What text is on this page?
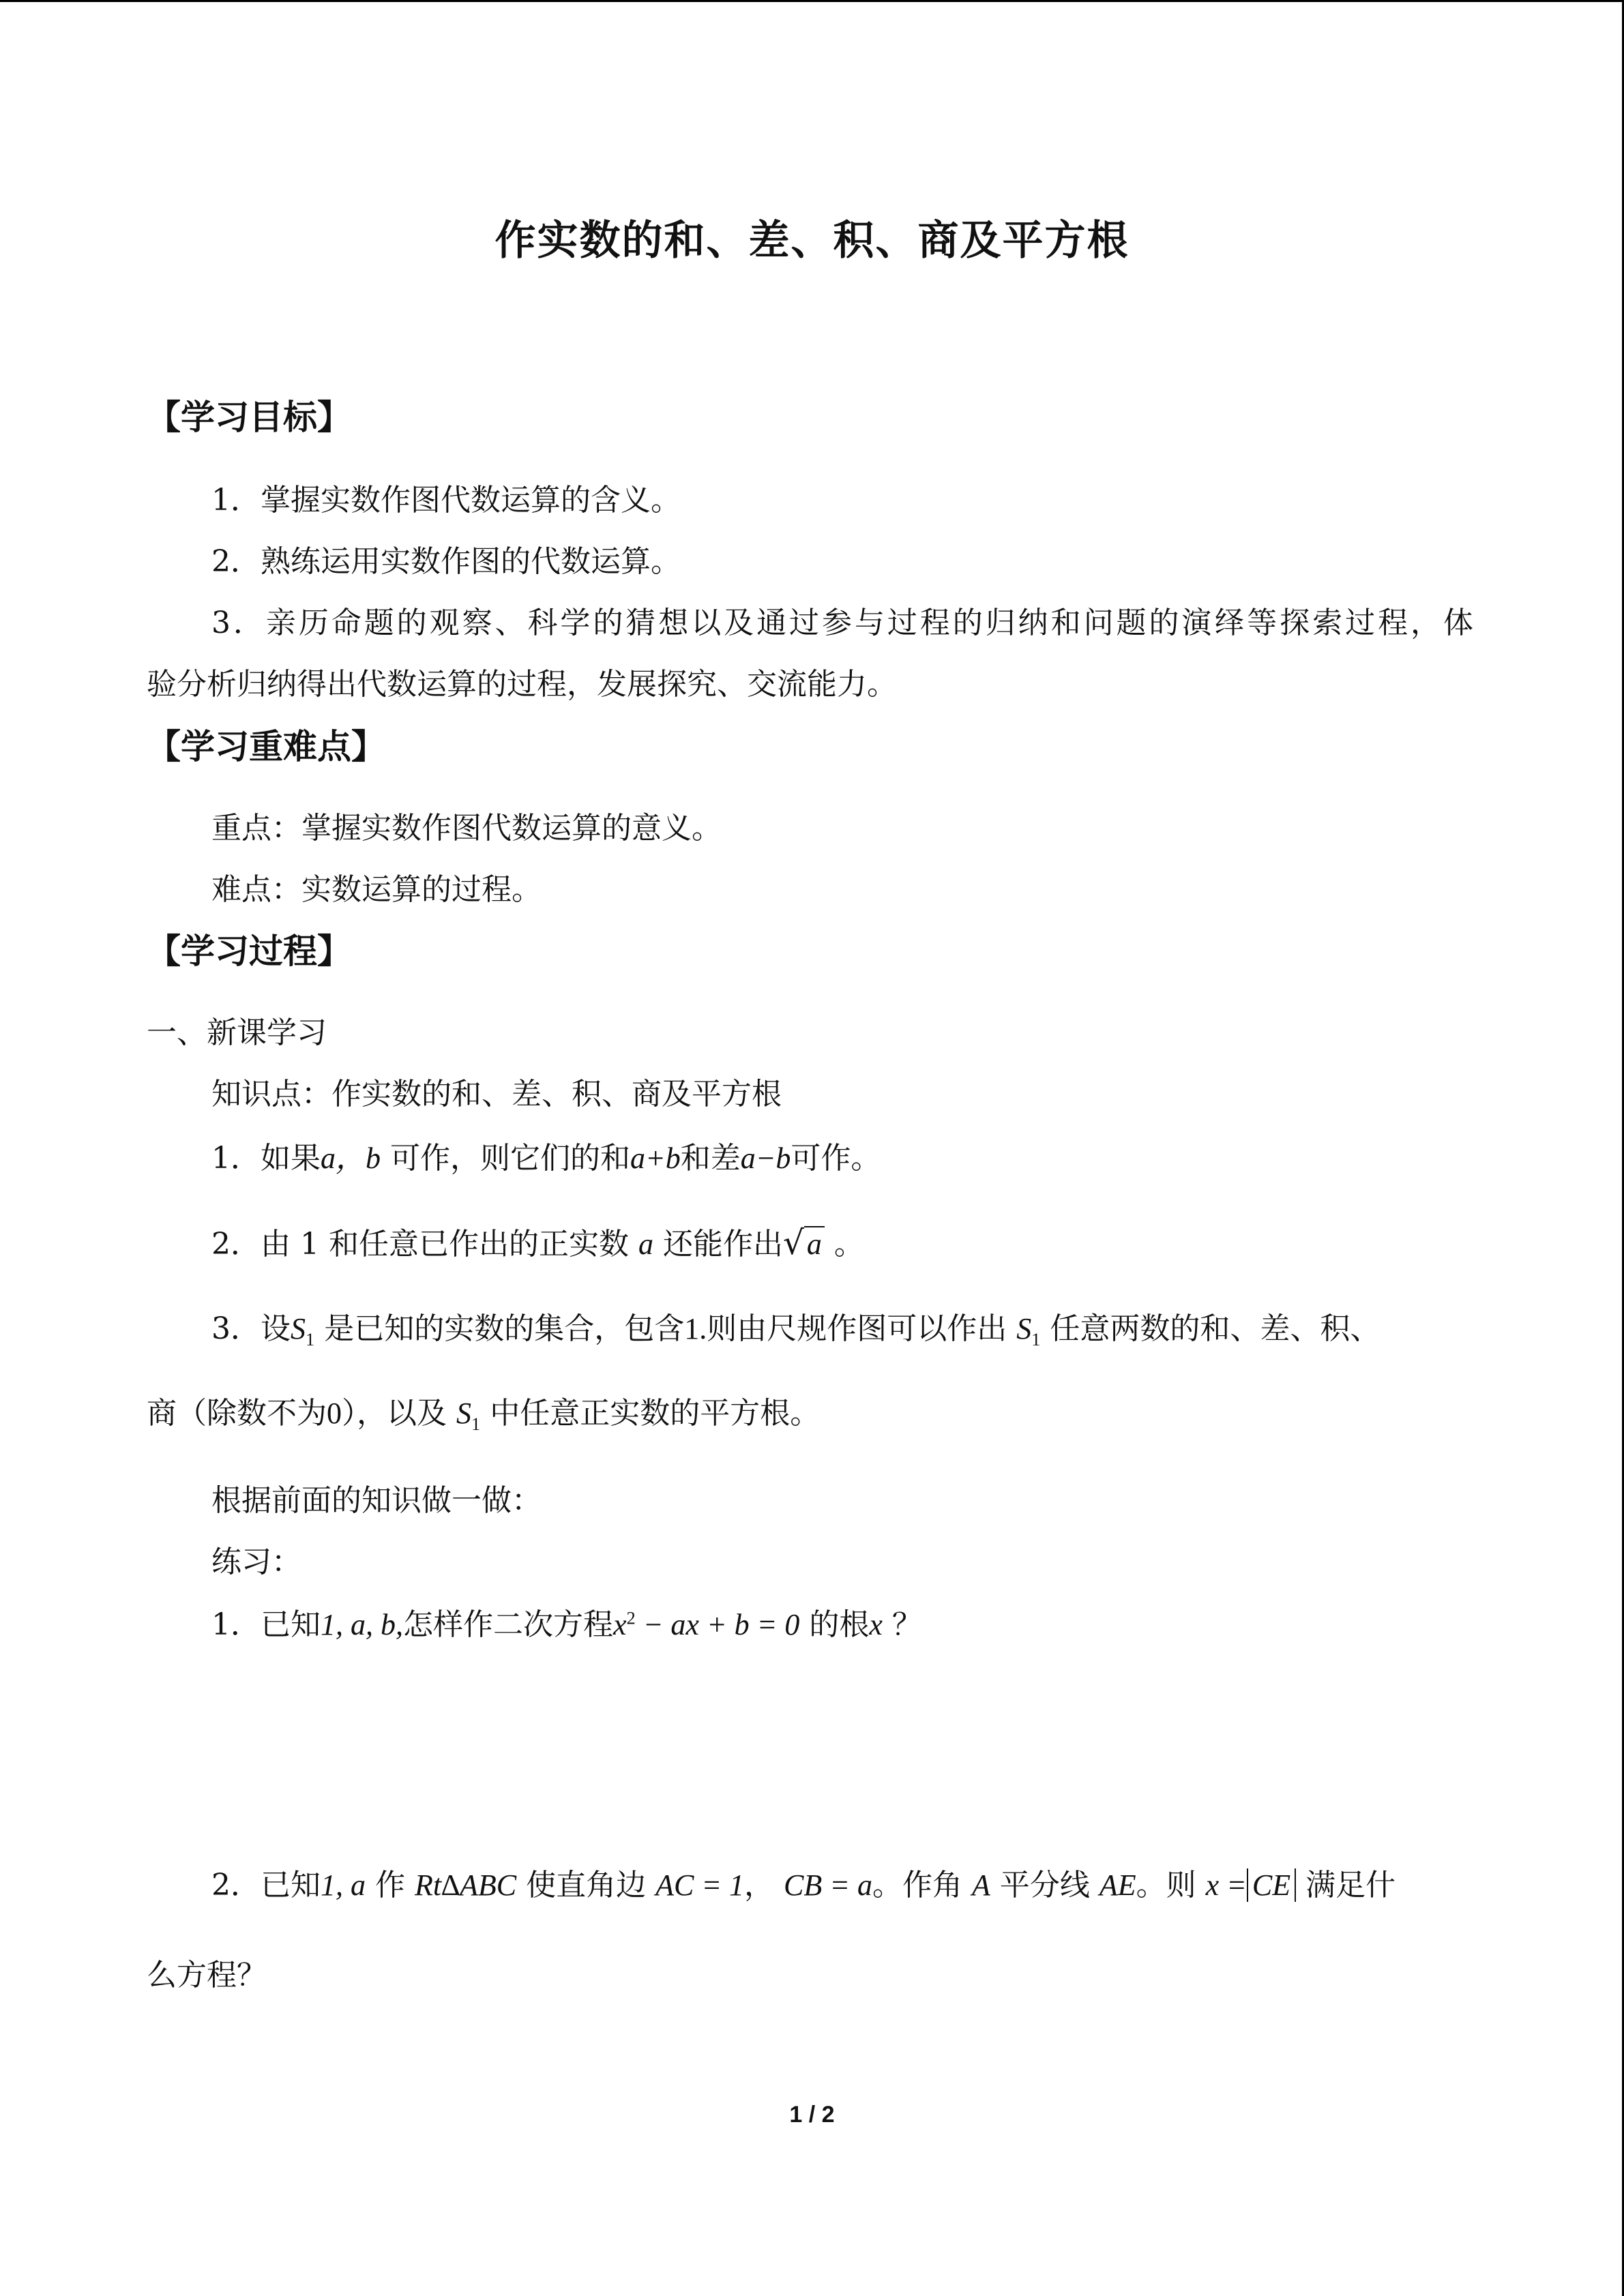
作实数的和、差、积、商及平方根
【学习目标】
1．掌握实数作图代数运算的含义。
2．熟练运用实数作图的代数运算。
3．亲历命题的观察、科学的猜想以及通过参与过程的归纳和问题的演绎等探索过程，体
验分析归纳得出代数运算的过程，发展探究、交流能力。
【学习重难点】
重点：掌握实数作图代数运算的意义。
难点：实数运算的过程。
【学习过程】
一、新课学习
知识点：作实数的和、差、积、商及平方根
1．如果a，b 可作，则它们的和a+b和差a−b可作。
2．由 1 和任意已作出的正实数 a 还能作出√a 。
3．设$S_1$ 是已知的实数的集合，包含1.则由尺规作图可以作出 $S_1$ 任意两数的和、差、积、
商（除数不为0），以及 $S_1$ 中任意正实数的平方根。
根据前面的知识做一做：
练习：
1．已知1, a, b,怎样作二次方程$x^2$ − ax + b = 0 的根x ？
2．已知1, a 作 Rt∆ABC 使直角边 AC = 1， CB = a。作角 A 平分线 AE。则 x = CE 满足什
么方程？
1 / 2
